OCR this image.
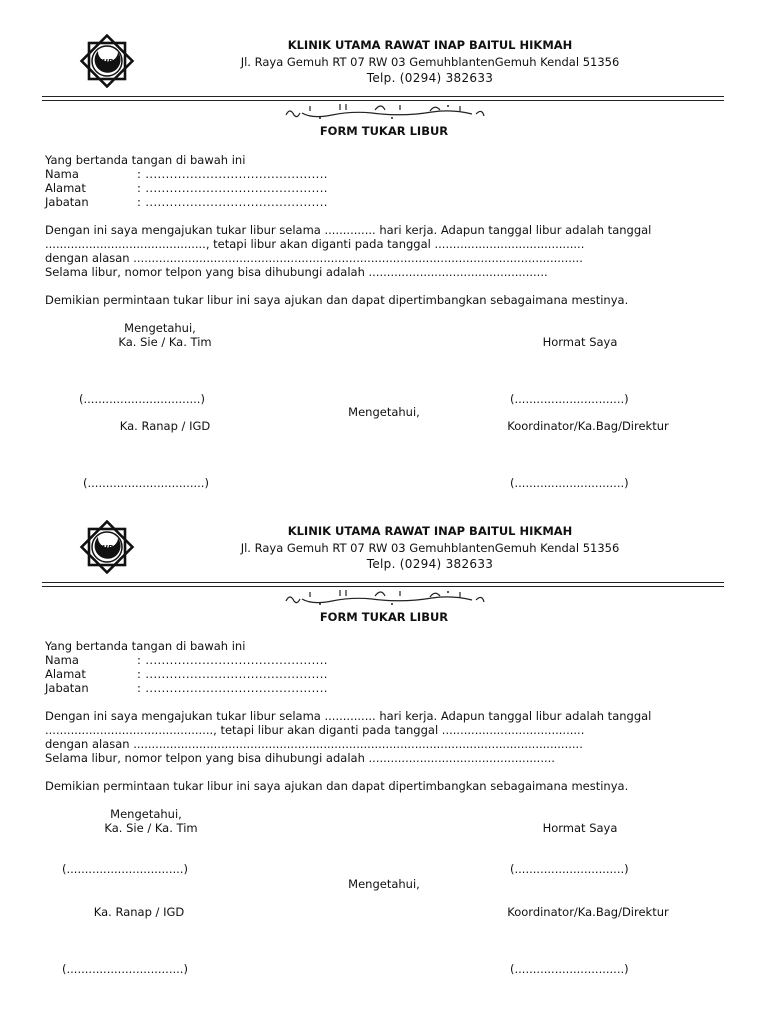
KUBH
KLINIK UTAMA RAWAT INAP BAITUL HIKMAH
Jl. Raya Gemuh RT 07 RW 03 GemuhblantenGemuh Kendal 51356
Telp. (0294) 382633
FORM TUKAR LIBUR
Yang bertanda tangan di bawah ini
Nama	: .............................................
Alamat	: .............................................
Jabatan	: .............................................
Dengan ini saya mengajukan tukar libur selama .............. hari kerja. Adapun tanggal libur adalah tanggal
............................................, tetapi libur akan diganti pada tanggal .........................................
dengan alasan ...........................................................................................................................
Selama libur, nomor telpon yang bisa dihubungi adalah .................................................
Demikian permintaan tukar libur ini saya ajukan dan dapat dipertimbangkan sebagaimana mestinya.
Mengetahui,
Ka. Sie / Ka. Tim	Hormat Saya
(................................)	(..............................)
Mengetahui,
Ka. Ranap / IGD	Koordinator/Ka.Bag/Direktur
(................................)	(..............................)
KUBH
KLINIK UTAMA RAWAT INAP BAITUL HIKMAH
Jl. Raya Gemuh RT 07 RW 03 GemuhblantenGemuh Kendal 51356
Telp. (0294) 382633
FORM TUKAR LIBUR
Yang bertanda tangan di bawah ini
Nama	: .............................................
Alamat	: .............................................
Jabatan	: .............................................
Dengan ini saya mengajukan tukar libur selama .............. hari kerja. Adapun tanggal libur adalah tanggal
.............................................., tetapi libur akan diganti pada tanggal .......................................
dengan alasan ...........................................................................................................................
Selama libur, nomor telpon yang bisa dihubungi adalah ...................................................
Demikian permintaan tukar libur ini saya ajukan dan dapat dipertimbangkan sebagaimana mestinya.
Mengetahui,
Ka. Sie / Ka. Tim	Hormat Saya
(................................)	(..............................)
Mengetahui,
Ka. Ranap / IGD	Koordinator/Ka.Bag/Direktur
(................................)	(..............................)
